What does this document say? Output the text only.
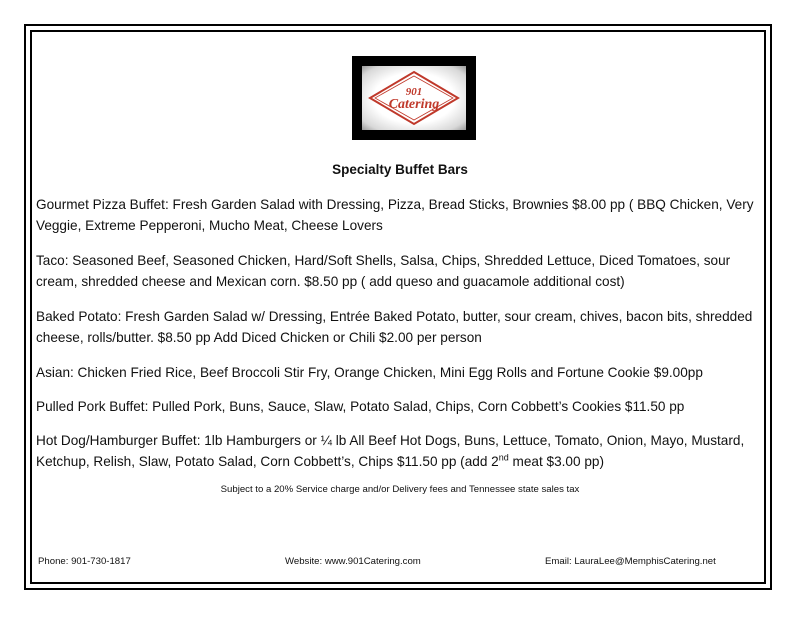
901
Catering
Specialty Buffet Bars
Gourmet Pizza Buffet: Fresh Garden Salad with Dressing, Pizza, Bread Sticks, Brownies $8.00 pp ( BBQ Chicken, Very Veggie, Extreme Pepperoni, Mucho Meat, Cheese Lovers
Taco: Seasoned Beef, Seasoned Chicken, Hard/Soft Shells, Salsa, Chips, Shredded Lettuce, Diced Tomatoes, sour cream, shredded cheese and Mexican corn. $8.50 pp ( add queso and guacamole additional cost)
Baked Potato: Fresh Garden Salad w/ Dressing, Entrée Baked Potato, butter, sour cream, chives, bacon bits, shredded cheese, rolls/butter. $8.50 pp Add Diced Chicken or Chili $2.00 per person
Asian: Chicken Fried Rice, Beef Broccoli Stir Fry, Orange Chicken, Mini Egg Rolls and Fortune Cookie $9.00pp
Pulled Pork Buffet: Pulled Pork, Buns, Sauce, Slaw, Potato Salad, Chips, Corn Cobbett’s Cookies $11.50 pp
Hot Dog/Hamburger Buffet: 1lb Hamburgers or ¼ lb All Beef Hot Dogs, Buns, Lettuce, Tomato, Onion, Mayo, Mustard, Ketchup, Relish, Slaw, Potato Salad, Corn Cobbett’s, Chips $11.50 pp (add 2nd meat $3.00 pp)
Subject to a 20% Service charge and/or Delivery fees and Tennessee state sales tax
Phone: 901-730-1817	Website: www.901Catering.com	Email: LauraLee@MemphisCatering.net
